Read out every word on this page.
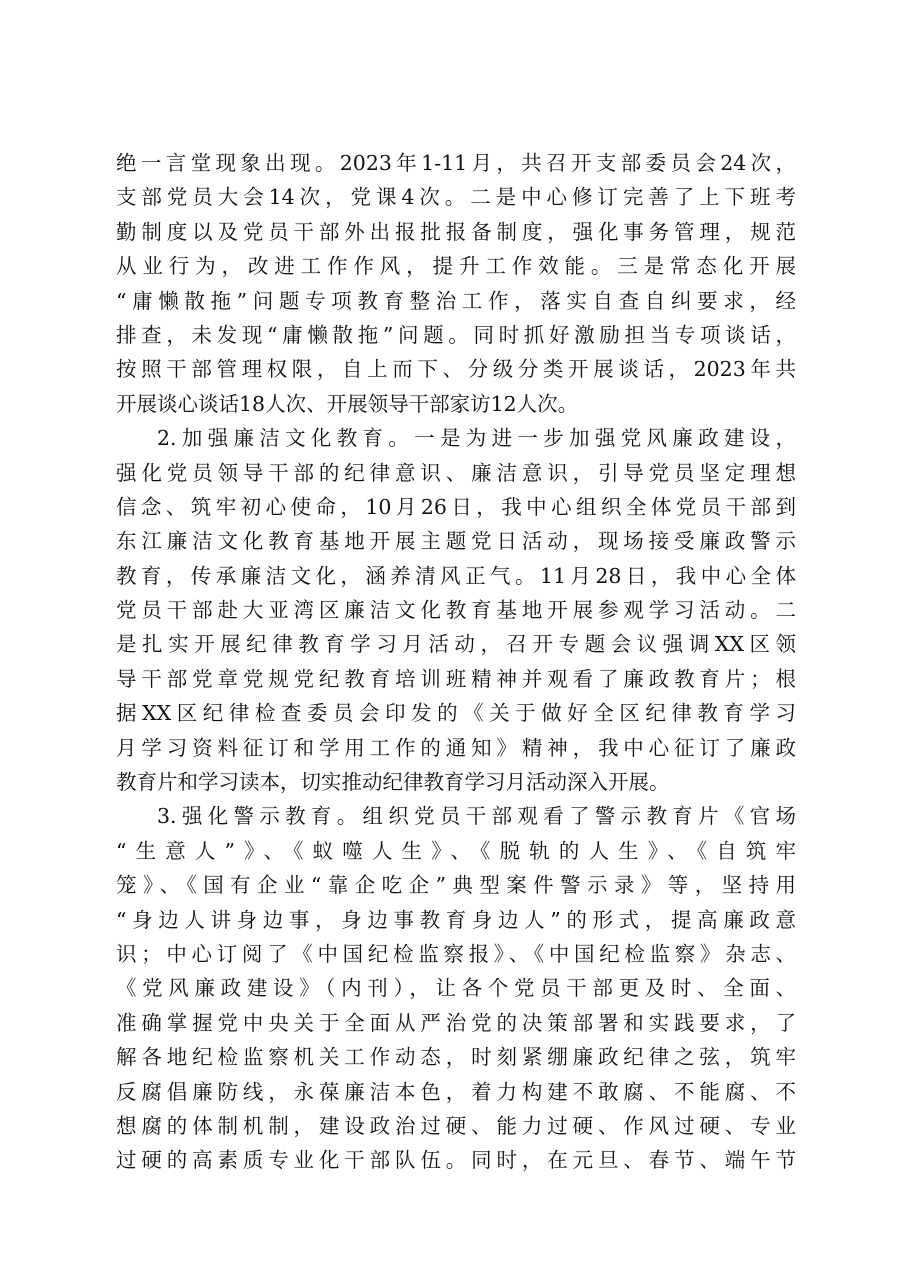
绝一言堂现象出现。2023年1-11月，共召开支部委员会24次，
支部党员大会14次，党课4次。二是中心修订完善了上下班考
勤制度以及党员干部外出报批报备制度，强化事务管理，规范
从业行为，改进工作作风，提升工作效能。三是常态化开展
“庸懒散拖”问题专项教育整治工作，落实自查自纠要求，经
排查，未发现“庸懒散拖”问题。同时抓好激励担当专项谈话，
按照干部管理权限，自上而下、分级分类开展谈话，2023年共
开展谈心谈话18人次、开展领导干部家访12人次。
2.加强廉洁文化教育。一是为进一步加强党风廉政建设，
强化党员领导干部的纪律意识、廉洁意识，引导党员坚定理想
信念、筑牢初心使命，10月26日，我中心组织全体党员干部到
东江廉洁文化教育基地开展主题党日活动，现场接受廉政警示
教育，传承廉洁文化，涵养清风正气。11月28日，我中心全体
党员干部赴大亚湾区廉洁文化教育基地开展参观学习活动。二
是扎实开展纪律教育学习月活动，召开专题会议强调XX区领
导干部党章党规党纪教育培训班精神并观看了廉政教育片；根
据XX区纪律检查委员会印发的《关于做好全区纪律教育学习
月学习资料征订和学用工作的通知》精神，我中心征订了廉政
教育片和学习读本，切实推动纪律教育学习月活动深入开展。
3.强化警示教育。组织党员干部观看了警示教育片《官场
“生意人”》、《蚁噬人生》、《脱轨的人生》、《自筑牢
笼》、《国有企业“靠企吃企”典型案件警示录》等，坚持用
“身边人讲身边事，身边事教育身边人”的形式，提高廉政意
识；中心订阅了《中国纪检监察报》、《中国纪检监察》杂志、
《党风廉政建设》（内刊），让各个党员干部更及时、全面、
准确掌握党中央关于全面从严治党的决策部署和实践要求，了
解各地纪检监察机关工作动态，时刻紧绷廉政纪律之弦，筑牢
反腐倡廉防线，永葆廉洁本色，着力构建不敢腐、不能腐、不
想腐的体制机制，建设政治过硬、能力过硬、作风过硬、专业
过硬的高素质专业化干部队伍。同时，在元旦、春节、端午节
